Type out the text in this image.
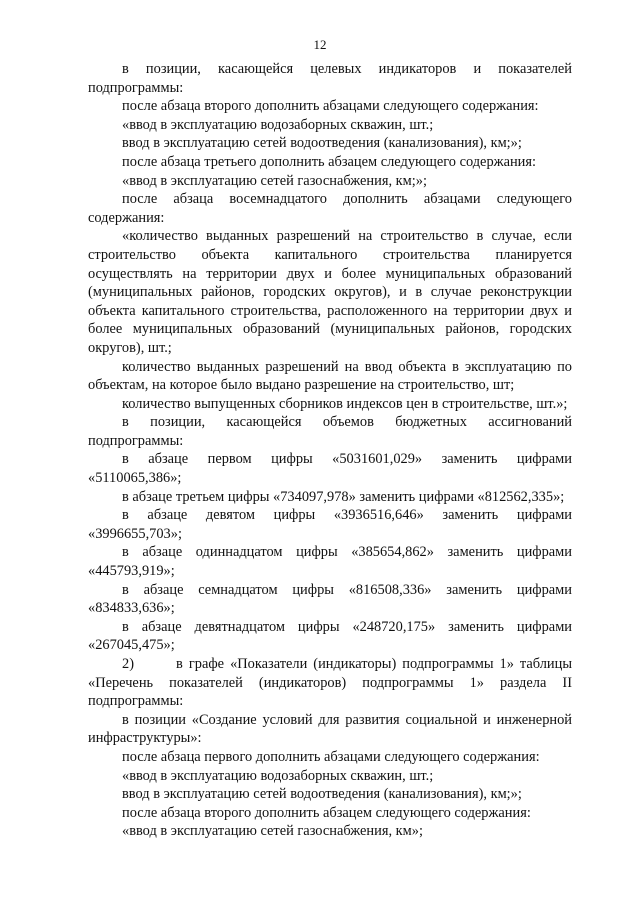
12

в позиции, касающейся целевых индикаторов и показателей подпрограммы:

после абзаца второго дополнить абзацами следующего содержания:

«ввод в эксплуатацию водозаборных скважин, шт.;

ввод в эксплуатацию сетей водоотведения (канализования), км;»;

после абзаца третьего дополнить абзацем следующего содержания:

«ввод в эксплуатацию сетей газоснабжения, км;»;

после абзаца восемнадцатого дополнить абзацами следующего содержания:

«количество выданных разрешений на строительство в случае, если строительство объекта капитального строительства планируется осуществлять на территории двух и более муниципальных образований (муниципальных районов, городских округов), и в случае реконструкции объекта капитального строительства, расположенного на территории двух и более муниципальных образований (муниципальных районов, городских округов), шт.;

количество выданных разрешений на ввод объекта в эксплуатацию по объектам, на которое было выдано разрешение на строительство, шт;

количество выпущенных сборников индексов цен в строительстве, шт.»;

в позиции, касающейся объемов бюджетных ассигнований подпрограммы:

в абзаце первом цифры «5031601,029» заменить цифрами «5110065,386»;

в абзаце третьем цифры «734097,978» заменить цифрами «812562,335»;

в абзаце девятом цифры «3936516,646» заменить цифрами «3996655,703»;

в абзаце одиннадцатом цифры «385654,862» заменить цифрами «445793,919»;

в абзаце семнадцатом цифры «816508,336» заменить цифрами «834833,636»;

в абзаце девятнадцатом цифры «248720,175» заменить цифрами «267045,475»;

2)       в графе «Показатели (индикаторы) подпрограммы 1» таблицы «Перечень показателей (индикаторов) подпрограммы 1» раздела II подпрограммы:

в позиции «Создание условий для развития социальной и инженерной инфраструктуры»:

после абзаца первого дополнить абзацами следующего содержания:

«ввод в эксплуатацию водозаборных скважин, шт.;

ввод в эксплуатацию сетей водоотведения (канализования), км;»;

после абзаца второго дополнить абзацем следующего содержания:

«ввод в эксплуатацию сетей газоснабжения, км»;
